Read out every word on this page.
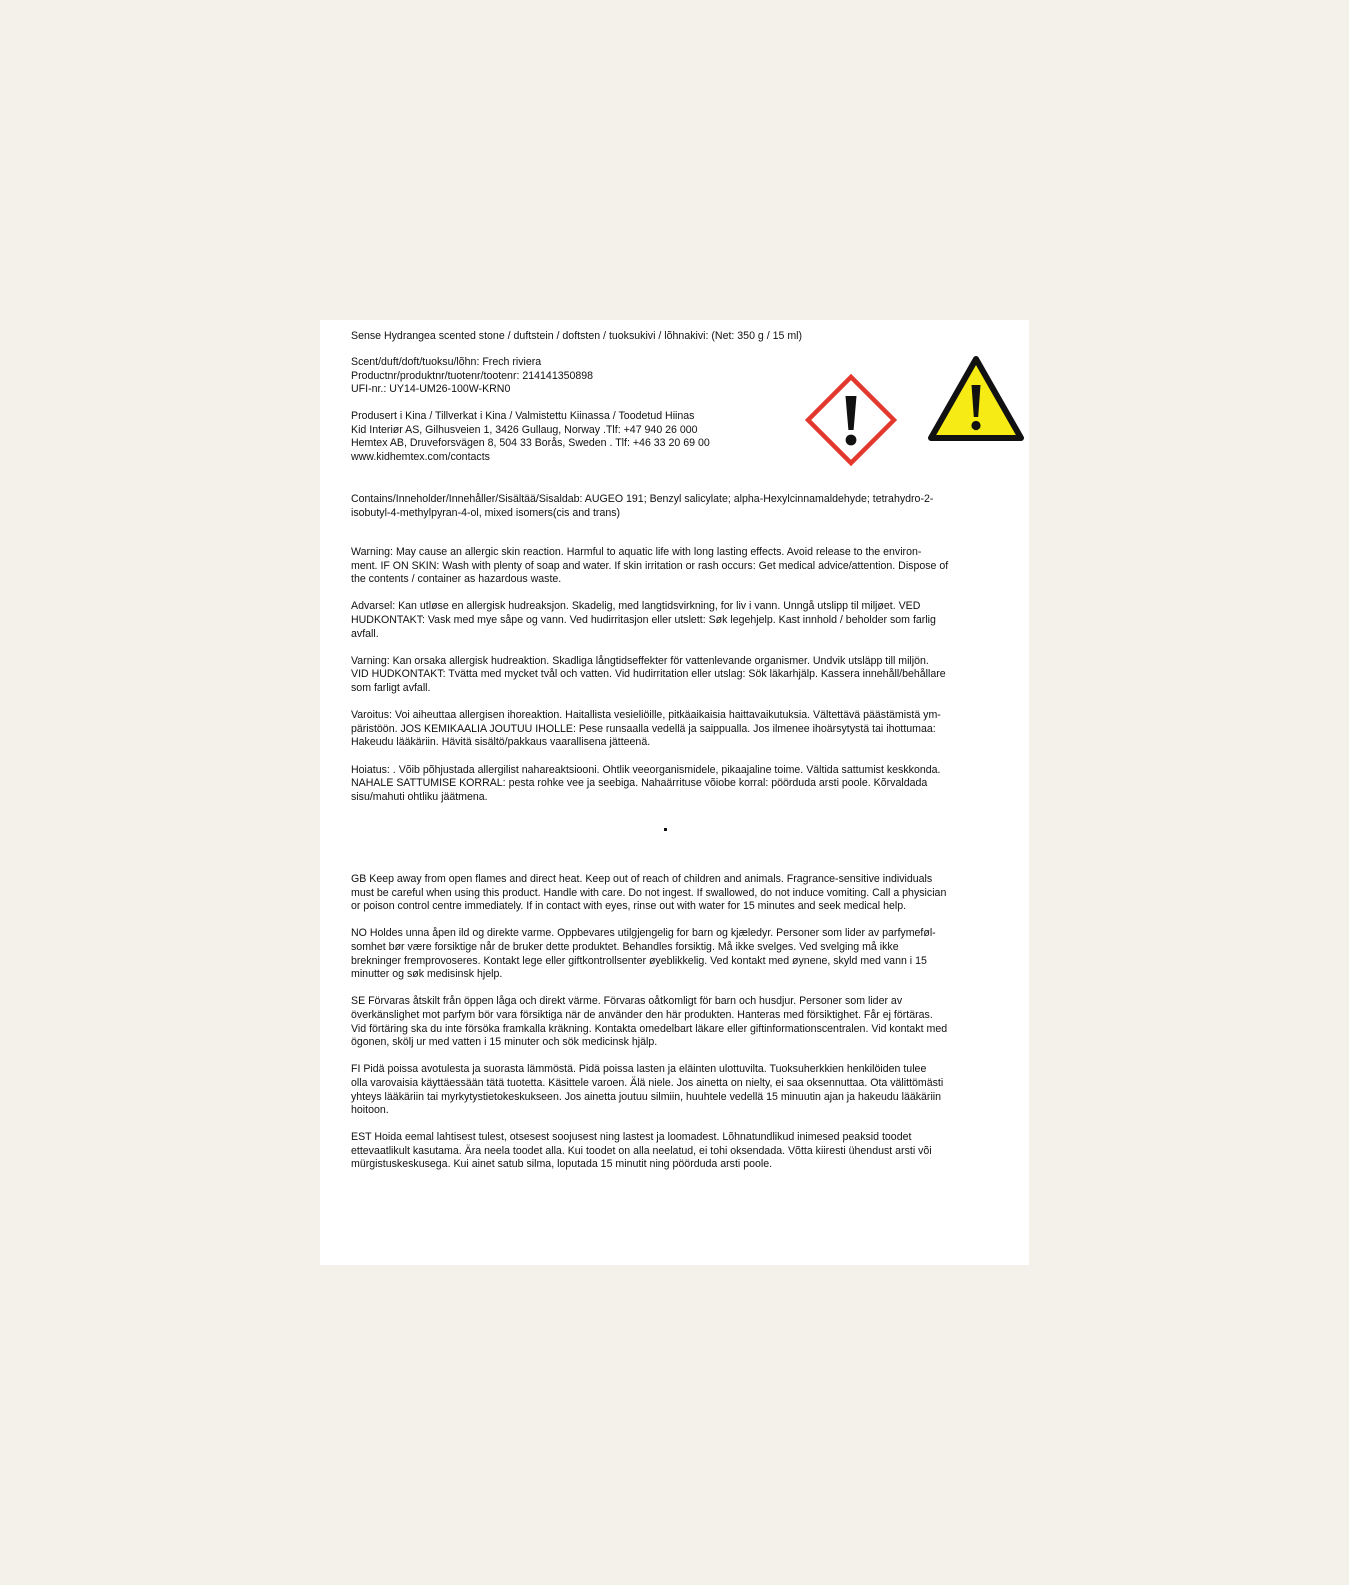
Sense Hydrangea scented stone / duftstein / doftsten / tuoksukivi / lõhnakivi: (Net: 350 g / 15 ml)

Scent/duft/doft/tuoksu/lõhn: Frech riviera

Productnr/produktnr/tuotenr/tootenr: 214141350898

UFI-nr.: UY14-UM26-100W-KRN0

Produsert i Kina / Tillverkat i Kina / Valmistettu Kiinassa / Toodetud Hiinas

Kid Interiør AS, Gilhusveien 1, 3426 Gullaug, Norway .Tlf: +47 940 26 000

Hemtex AB, Druveforsvägen 8, 504 33 Borås, Sweden . Tlf: +46 33 20 69 00

www.kidhemtex.com/contacts

Contains/Inneholder/Innehåller/Sisältää/Sisaldab: AUGEO 191; Benzyl salicylate; alpha-Hexylcinnamaldehyde; tetrahydro-2-
isobutyl-4-methylpyran-4-ol, mixed isomers(cis and trans)

Warning: May cause an allergic skin reaction. Harmful to aquatic life with long lasting effects. Avoid release to the environ-
ment. IF ON SKIN: Wash with plenty of soap and water. If skin irritation or rash occurs: Get medical advice/attention. Dispose of
the contents / container as hazardous waste.

Advarsel: Kan utløse en allergisk hudreaksjon. Skadelig, med langtidsvirkning, for liv i vann. Unngå utslipp til miljøet. VED
HUDKONTAKT: Vask med mye såpe og vann. Ved hudirritasjon eller utslett: Søk legehjelp. Kast innhold / beholder som farlig
avfall.

Varning: Kan orsaka allergisk hudreaktion. Skadliga långtidseffekter för vattenlevande organismer. Undvik utsläpp till miljön.
VID HUDKONTAKT: Tvätta med mycket tvål och vatten. Vid hudirritation eller utslag: Sök läkarhjälp. Kassera innehåll/behållare
som farligt avfall.

Varoitus: Voi aiheuttaa allergisen ihoreaktion. Haitallista vesieliöille, pitkäaikaisia haittavaikutuksia. Vältettävä päästämistä ym-
päristöön. JOS KEMIKAALIA JOUTUU IHOLLE: Pese runsaalla vedellä ja saippualla. Jos ilmenee ihoärsytystä tai ihottumaa:
Hakeudu lääkäriin. Hävitä sisältö/pakkaus vaarallisena jätteenä.

Hoiatus: . Võib põhjustada allergilist nahareaktsiooni. Ohtlik veeorganismidele, pikaajaline toime. Vältida sattumist keskkonda.
NAHALE SATTUMISE KORRAL: pesta rohke vee ja seebiga. Nahaärrituse võiobe korral: pöörduda arsti poole. Kõrvaldada
sisu/mahuti ohtliku jäätmena.

GB Keep away from open flames and direct heat. Keep out of reach of children and animals. Fragrance-sensitive individuals
must be careful when using this product. Handle with care. Do not ingest. If swallowed, do not induce vomiting. Call a physician
or poison control centre immediately. If in contact with eyes, rinse out with water for 15 minutes and seek medical help.

NO Holdes unna åpen ild og direkte varme. Oppbevares utilgjengelig for barn og kjæledyr. Personer som lider av parfymeføl-
somhet bør være forsiktige når de bruker dette produktet. Behandles forsiktig. Må ikke svelges. Ved svelging må ikke
brekninger fremprovoseres. Kontakt lege eller giftkontrollsenter øyeblikkelig. Ved kontakt med øynene, skyld med vann i 15
minutter og søk medisinsk hjelp.

SE Förvaras åtskilt från öppen låga och direkt värme. Förvaras oåtkomligt för barn och husdjur. Personer som lider av
överkänslighet mot parfym bör vara försiktiga när de använder den här produkten. Hanteras med försiktighet. Får ej förtäras.
Vid förtäring ska du inte försöka framkalla kräkning. Kontakta omedelbart läkare eller giftinformationscentralen. Vid kontakt med
ögonen, skölj ur med vatten i 15 minuter och sök medicinsk hjälp.

FI Pidä poissa avotulesta ja suorasta lämmöstä. Pidä poissa lasten ja eläinten ulottuvilta. Tuoksuherkkien henkilöiden tulee
olla varovaisia käyttäessään tätä tuotetta. Käsittele varoen. Älä niele. Jos ainetta on nielty, ei saa oksennuttaa. Ota välittömästi
yhteys lääkäriin tai myrkytystietokeskukseen. Jos ainetta joutuu silmiin, huuhtele vedellä 15 minuutin ajan ja hakeudu lääkäriin
hoitoon.

EST Hoida eemal lahtisest tulest, otsesest soojusest ning lastest ja loomadest. Lõhnatundlikud inimesed peaksid toodet
ettevaatlikult kasutama. Ära neela toodet alla. Kui toodet on alla neelatud, ei tohi oksendada. Võtta kiiresti ühendust arsti või
mürgistuskeskusega. Kui ainet satub silma, loputada 15 minutit ning pöörduda arsti poole.
